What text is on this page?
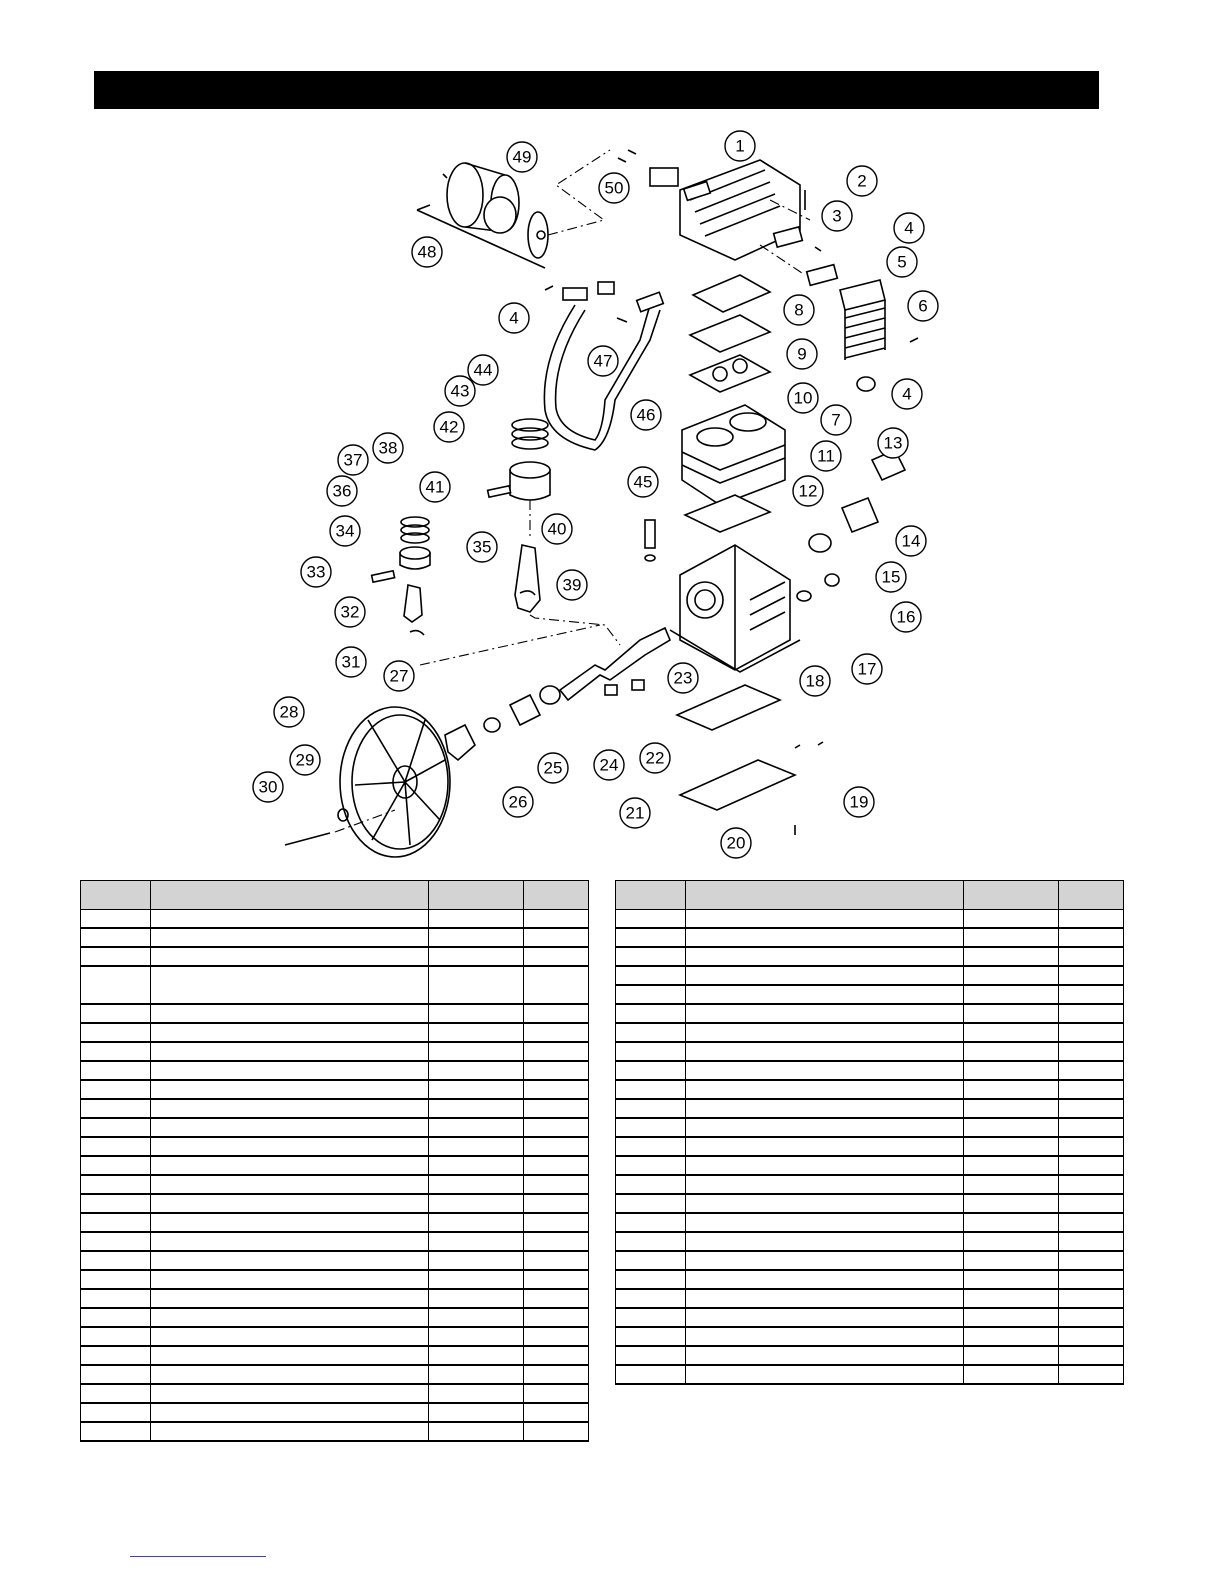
1
2
3
4
5
6
4
7
4
8
9
10
11
12
13
14
15
16
17
18
19
20
21
22
23
24
25
26
27
28
29
30
31
32
33
34
35
36
37
38
39
40
41
42
43
44
45
46
47
48
49
50
